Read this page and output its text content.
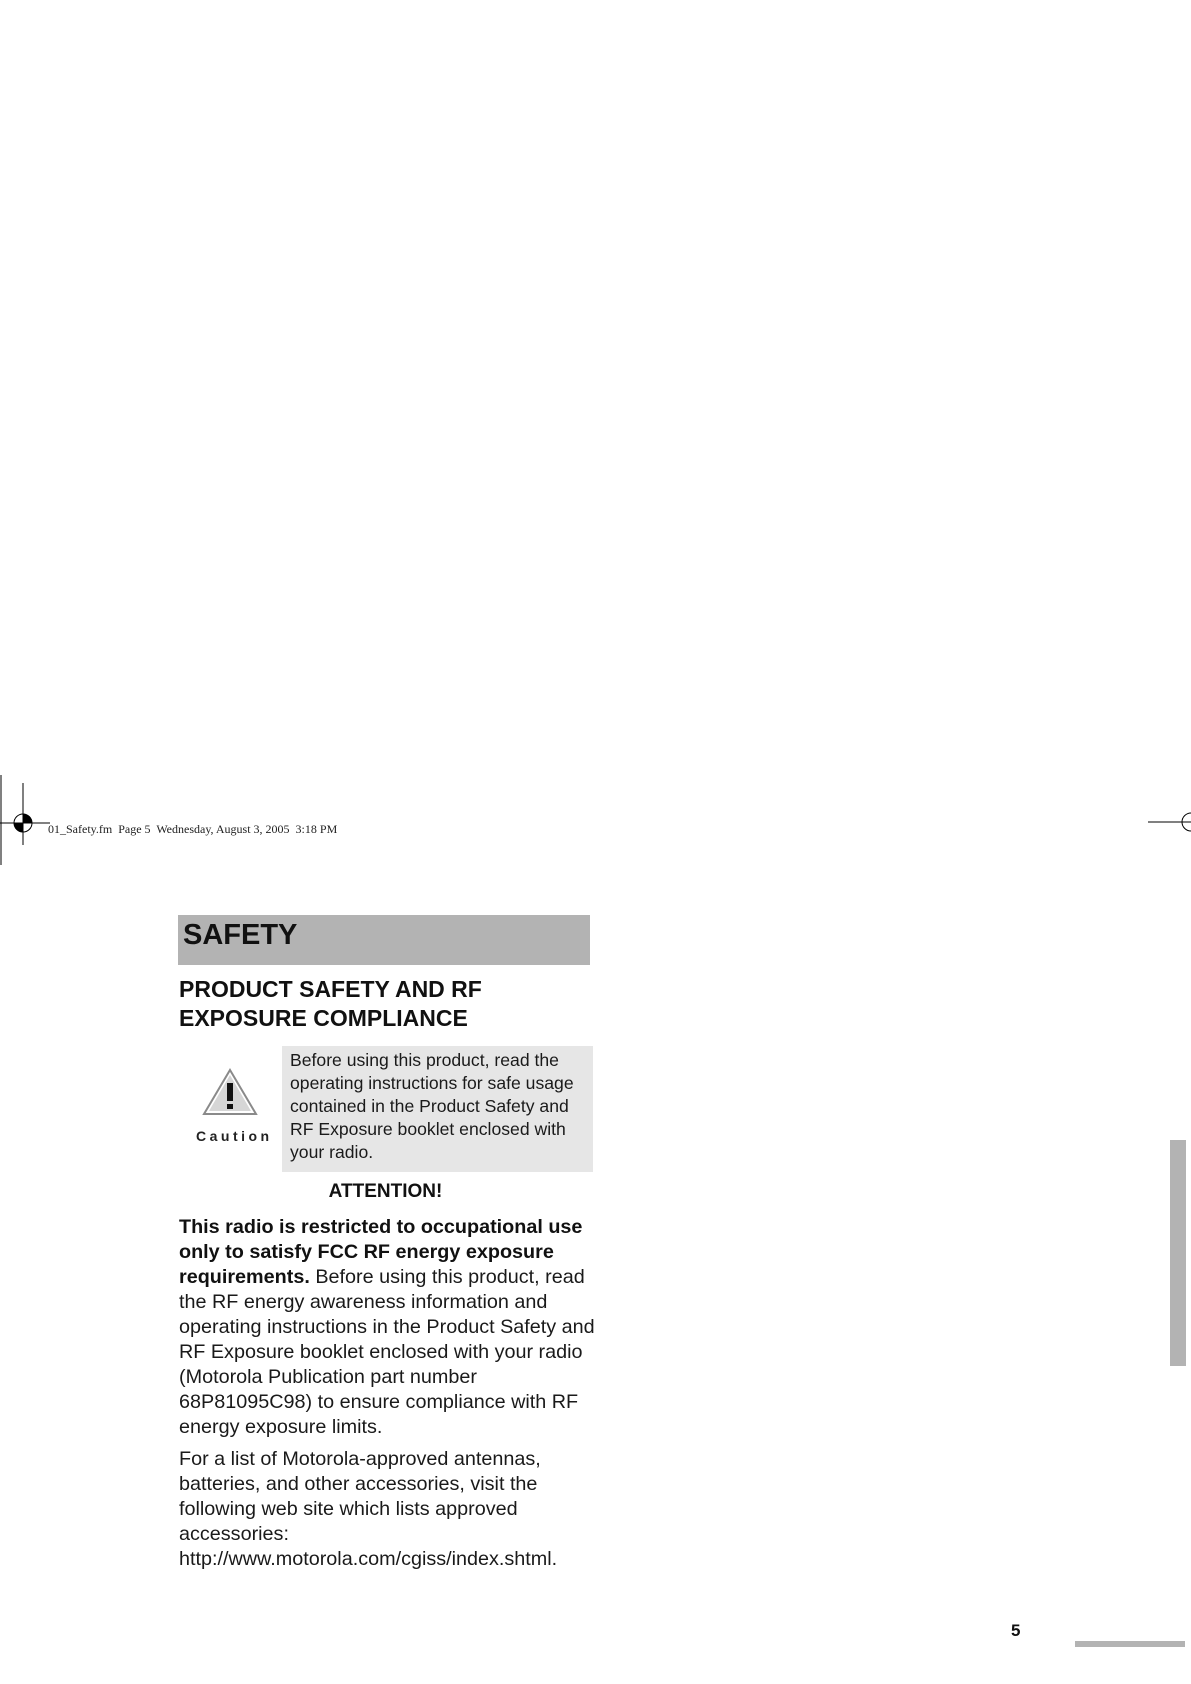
01_Safety.fm  Page 5  Wednesday, August 3, 2005  3:18 PM
SAFETY
PRODUCT SAFETY AND RF EXPOSURE COMPLIANCE
Caution

Before using this product, read the operating instructions for safe usage contained in the Product Safety and RF Exposure booklet enclosed with your radio.

ATTENTION!

This radio is restricted to occupational use only to satisfy FCC RF energy exposure requirements. Before using this product, read the RF energy awareness information and operating instructions in the Product Safety and RF Exposure booklet enclosed with your radio (Motorola Publication part number 68P81095C98) to ensure compliance with RF energy exposure limits.

For a list of Motorola-approved antennas, batteries, and other accessories, visit the following web site which lists approved accessories: http://www.motorola.com/cgiss/index.shtml.

5
